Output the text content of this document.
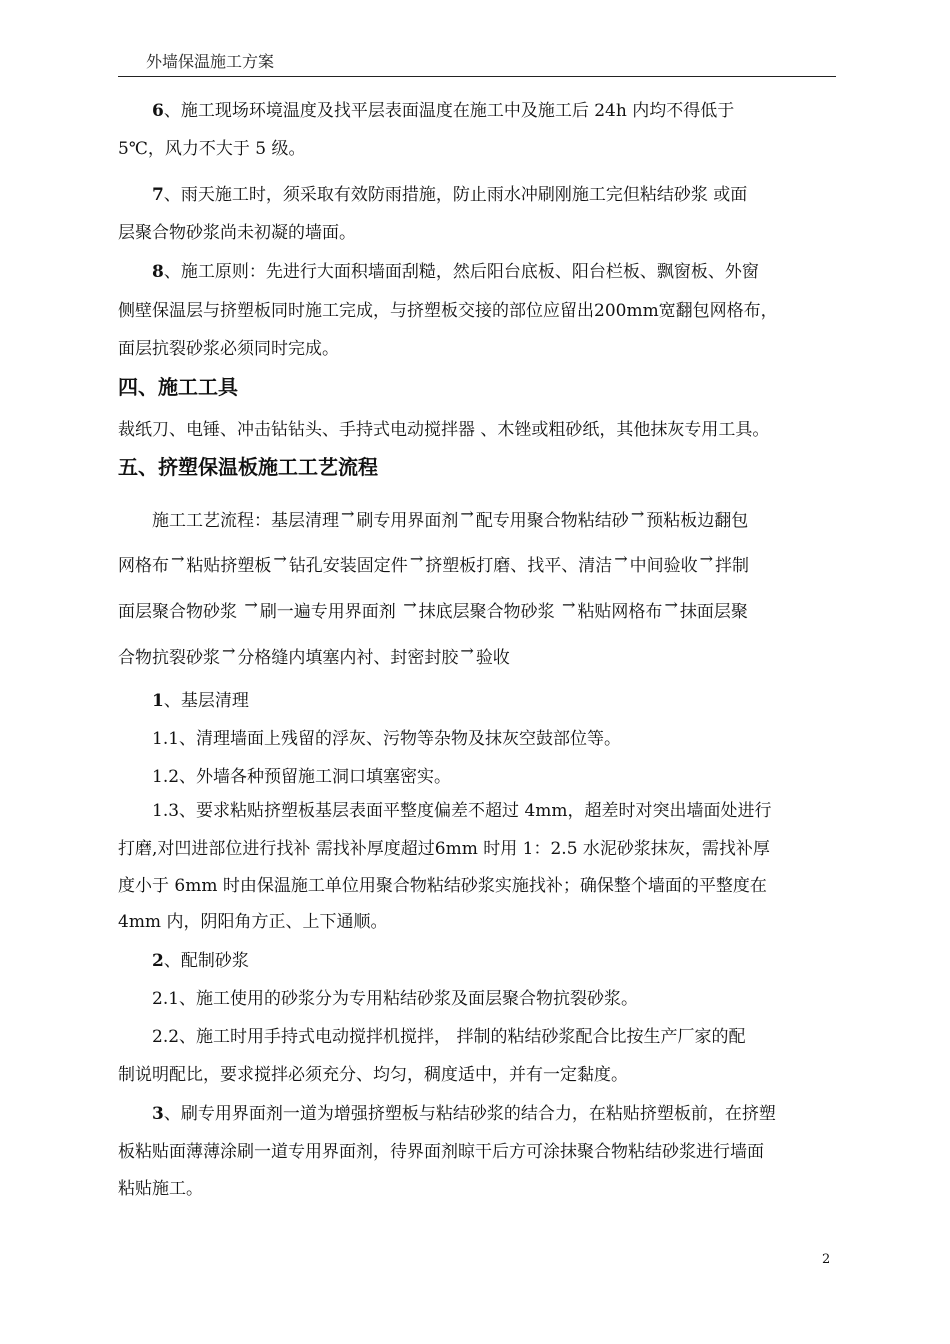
外墙保温施工方案

6、施工现场环境温度及找平层表面温度在施工中及施工后 24h 内均不得低于

5℃，风力不大于 5 级。

7、雨天施工时，须采取有效防雨措施，防止雨水冲刷刚施工完但粘结砂浆 或面

层聚合物砂浆尚未初凝的墙面。

8、施工原则：先进行大面积墙面刮糙，然后阳台底板、阳台栏板、飘窗板、外窗

侧壁保温层与挤塑板同时施工完成，与挤塑板交接的部位应留出200mm宽翻包网格布，

面层抗裂砂浆必须同时完成。

四、施工工具

裁纸刀、电锤、冲击钻钻头、手持式电动搅拌器 、木锉或粗砂纸，其他抹灰专用工具。

五、挤塑保温板施工工艺流程
施工工艺流程：基层清理 → 刷专用界面剂 → 配专用聚合物粘结砂 → 预粘板边翻包
网格布 → 粘贴挤塑板 → 钻孔安装固定件 → 挤塑板打磨、找平、清洁 → 中间验收 → 拌制
面层聚合物砂浆 → 刷一遍专用界面剂 → 抹底层聚合物砂浆 → 粘贴网格布 → 抹面层聚
合物抗裂砂浆 → 分格缝内填塞内衬、封密封胶 → 验收

1、基层清理

1.1、清理墙面上残留的浮灰、污物等杂物及抹灰空鼓部位等。

1.2、外墙各种预留施工洞口填塞密实。

1.3、要求粘贴挤塑板基层表面平整度偏差不超过 4mm，超差时对突出墙面处进行

打磨,对凹进部位进行找补 需找补厚度超过6mm 时用 1：2.5 水泥砂浆抹灰，需找补厚

度小于 6mm 时由保温施工单位用聚合物粘结砂浆实施找补；确保整个墙面的平整度在

4mm 内，阴阳角方正、上下通顺。

2、配制砂浆

2.1、施工使用的砂浆分为专用粘结砂浆及面层聚合物抗裂砂浆。

2.2、施工时用手持式电动搅拌机搅拌， 拌制的粘结砂浆配合比按生产厂家的配

制说明配比，要求搅拌必须充分、均匀，稠度适中，并有一定黏度。

3、刷专用界面剂一道为增强挤塑板与粘结砂浆的结合力，在粘贴挤塑板前，在挤塑

板粘贴面薄薄涂刷一道专用界面剂，待界面剂晾干后方可涂抹聚合物粘结砂浆进行墙面

粘贴施工。

2
